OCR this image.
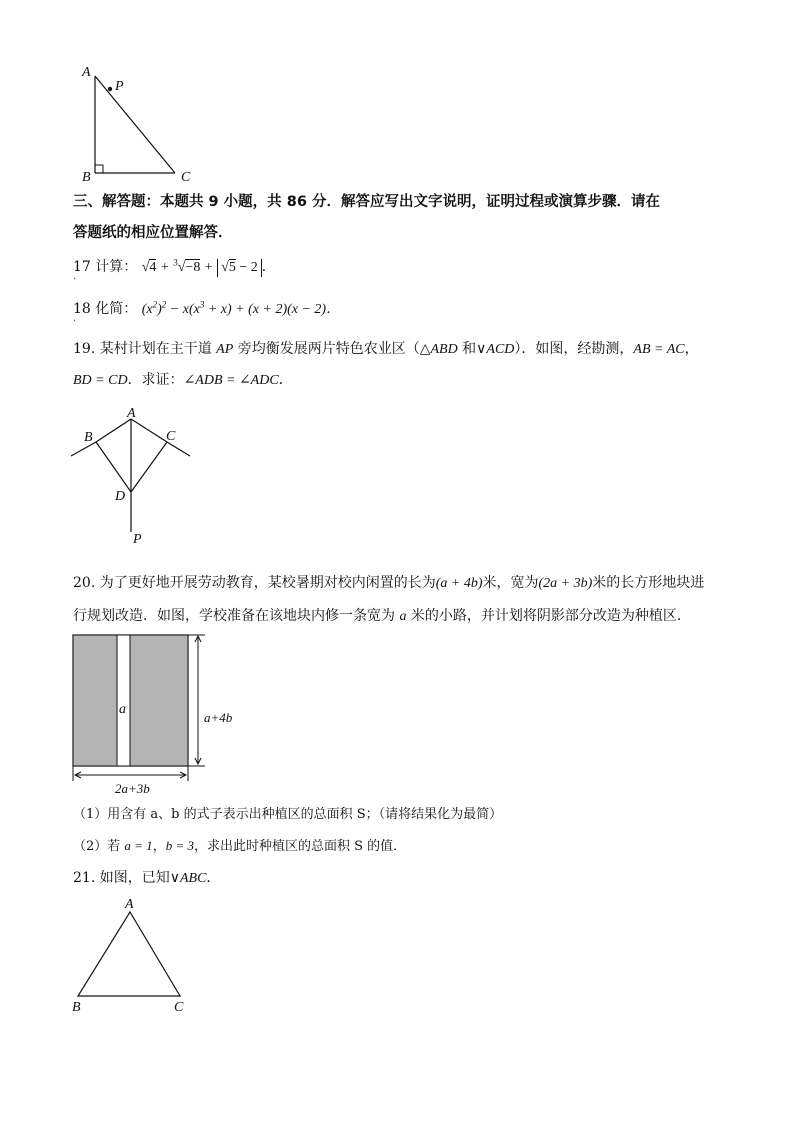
A
P
B	C
三、解答题：本题共 9 小题，共 86 分．解答应写出文字说明，证明过程或演算步骤．请在
答题纸的相应位置解答．
17 计算： √4 + $^3$√−8 + √5 − 2 ．
·
18 化简： $(x^2)^2 - x(x^3 + x) + (x + 2)(x - 2)$．
·
19. 某村计划在主干道 AP 旁均衡发展两片特色农业区（△ABD 和∨ACD）．如图，经勘测，AB = AC，
BD = CD．求证：∠ADB = ∠ADC．
A
B	C
D
P
20. 为了更好地开展劳动教育，某校暑期对校内闲置的长为(a + 4b)米，宽为(2a + 3b)米的长方形地块进
行规划改造．如图，学校准备在该地块内修一条宽为 a 米的小路，并计划将阴影部分改造为种植区．
a
a+4b
2a+3b
（1）用含有 a、b 的式子表示出种植区的总面积 S；（请将结果化为最简）
（2）若 a = 1，b = 3，求出此时种植区的总面积 S 的值．
21. 如图，已知∨ABC．
A
B	C
